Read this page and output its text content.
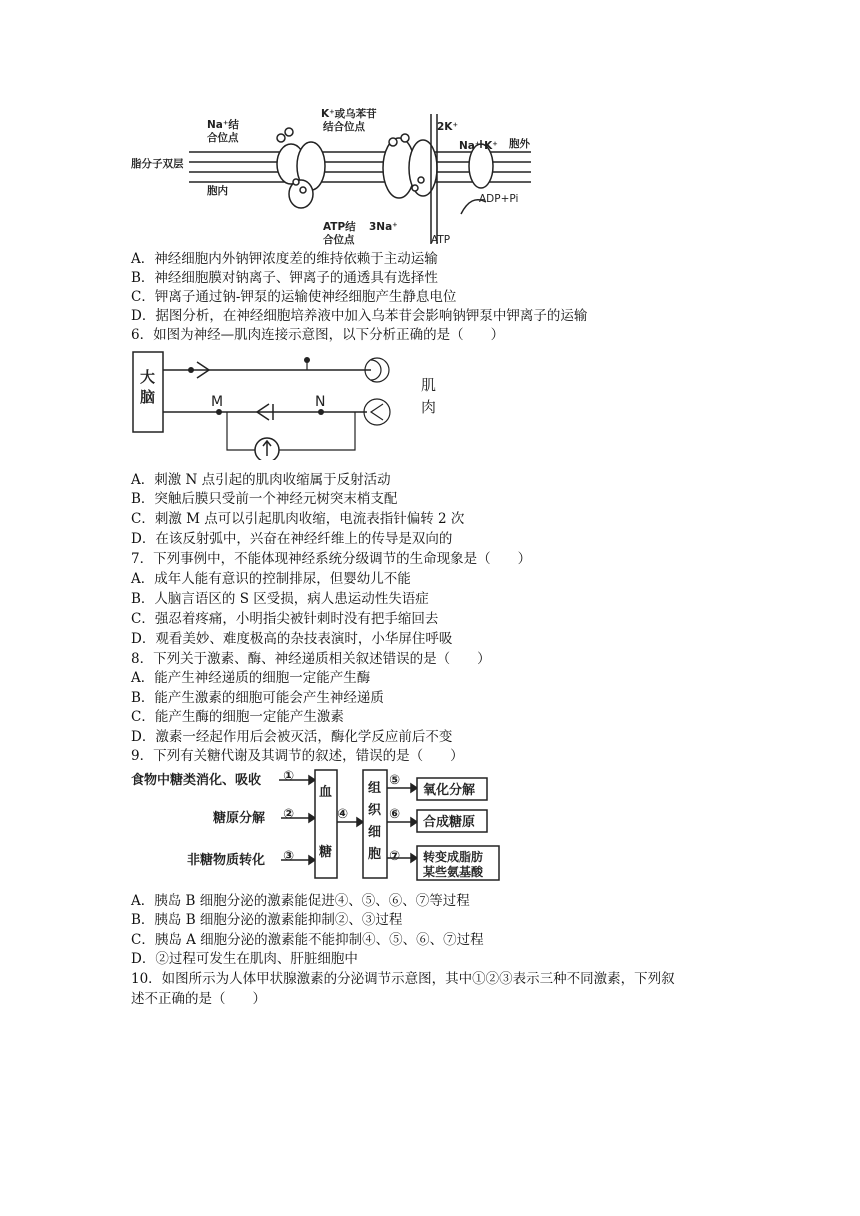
Na⁺结合位点
K⁺或乌苯苷结合位点	2K⁺
Na⁺ K⁺ 胞外
脂分子双层
胞内
ADP+Pi
ATP结合位点
3Na⁺
ATP
A．神经细胞内外钠钾浓度差的维持依赖于主动运输
B．神经细胞膜对钠离子、钾离子的通透具有选择性
C．钾离子通过钠-钾泵的运输使神经细胞产生静息电位
D．据图分析，在神经细胞培养液中加入乌苯苷会影响钠钾泵中钾离子的运输
6．如图为神经—肌肉连接示意图，以下分析正确的是（　　）
大脑	M	N
肌肉
A．刺激 N 点引起的肌肉收缩属于反射活动
B．突触后膜只受前一个神经元树突末梢支配
C．刺激 M 点可以引起肌肉收缩，电流表指针偏转 2 次
D．在该反射弧中，兴奋在神经纤维上的传导是双向的
7．下列事例中，不能体现神经系统分级调节的生命现象是（　　）
A．成年人能有意识的控制排尿，但婴幼儿不能
B．人脑言语区的 S 区受损，病人患运动性失语症
C．强忍着疼痛，小明指尖被针刺时没有把手缩回去
D．观看美妙、难度极高的杂技表演时，小华屏住呼吸
8．下列关于激素、酶、神经递质相关叙述错误的是（　　）
A．能产生神经递质的细胞一定能产生酶
B．能产生激素的细胞可能会产生神经递质
C．能产生酶的细胞一定能产生激素
D．激素一经起作用后会被灭活，酶化学反应前后不变
9．下列有关糖代谢及其调节的叙述，错误的是（　　）
食物中糖类消化、吸收
糖原分解
非糖物质转化
①
②
③
④
⑤
⑥
⑦
血糖
组织细胞
氧化分解
合成糖原
转变成脂肪某些氨基酸
A．胰岛 B 细胞分泌的激素能促进④、⑤、⑥、⑦等过程
B．胰岛 B 细胞分泌的激素能抑制②、③过程
C．胰岛 A 细胞分泌的激素能不能抑制④、⑤、⑥、⑦过程
D．②过程可发生在肌肉、肝脏细胞中
10．如图所示为人体甲状腺激素的分泌调节示意图，其中①②③表示三种不同激素，下列叙
述不正确的是（　　）
